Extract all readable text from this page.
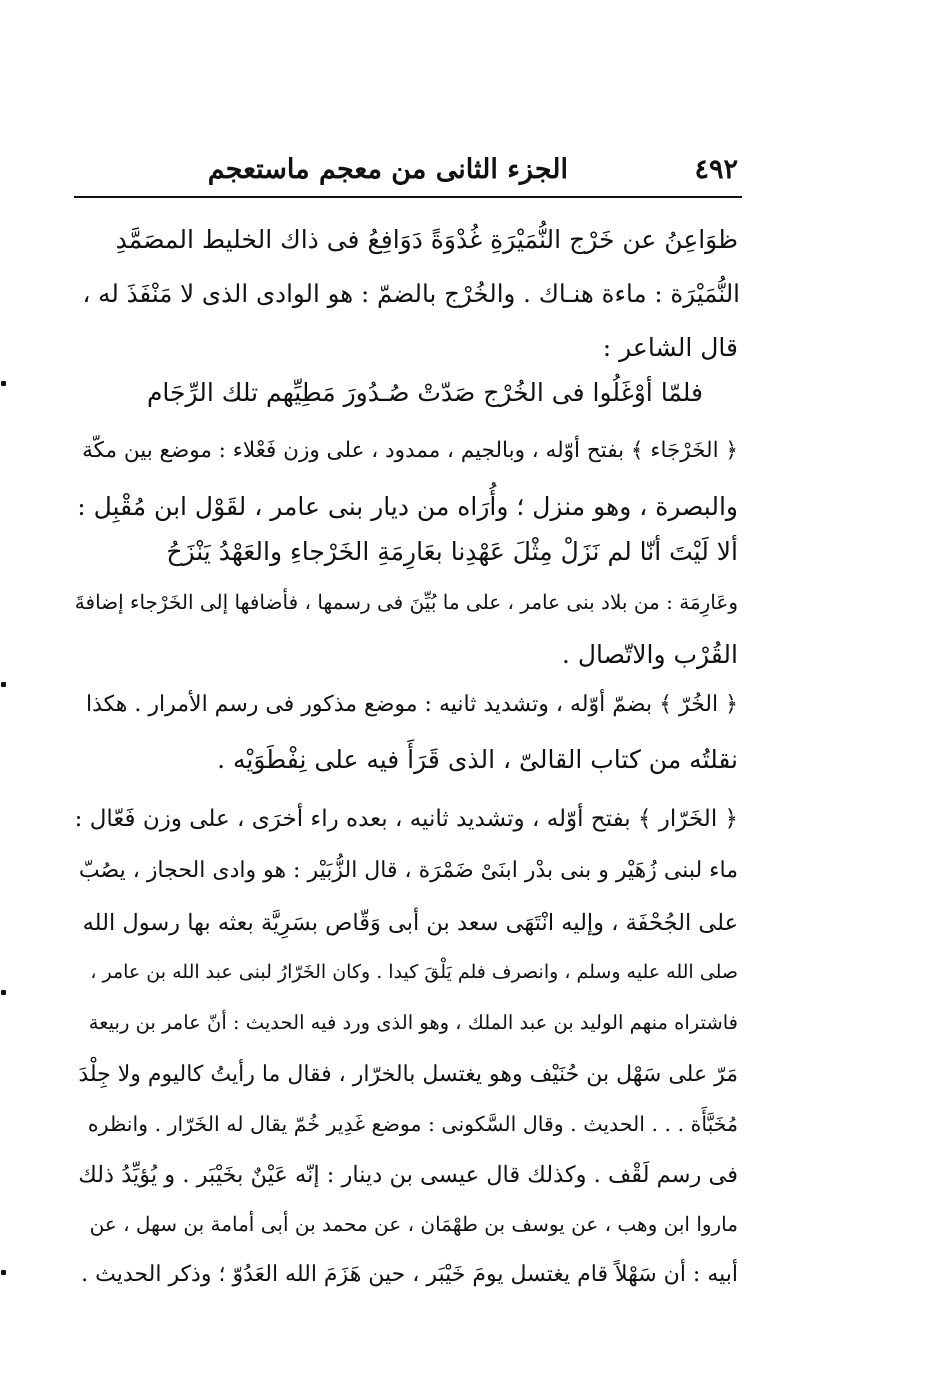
٤٩٢
الجزء الثانى من معجم ماستعجم
ظوَاعِنُ عن خَرْج النُّمَيْرَةِ غُدْوَةً دَوَافِعُ فى ذاك الخليط المصَمَّدِ
النُّمَيْرَة : ماءة هنـاك . والخُرْج بالضمّ : هو الوادى الذى لا مَنْفَذَ له ،
قال الشاعر :
فلمّا أوْغَلُوا فى الخُرْج صَدّتْ صُـدُورَ مَطِيِّهم تلك الرِّجَام
﴿ الخَرْجَاء ﴾ بفتح أوّله ، وبالجيم ، ممدود ، على وزن فَعْلاء : موضع بين مكّة
والبصرة ، وهو منزل ؛ وأُرَاه من ديار بنى عامر ، لقَوْل ابن مُقْبِل :
ألا لَيْتَ أنّا لم نَزَلْ مِثْلَ عَهْدِنا بعَارِمَةِ الخَرْجاءِ والعَهْدُ يَنْزَحُ
وعَارِمَة : من بلاد بنى عامر ، على ما بُيِّنَ فى رسمها ، فأضافها إلى الخَرْجاء إضافةَ
القُرْب والاتّصال .
﴿ الخُرّ ﴾ بضمّ أوّله ، وتشديد ثانيه : موضع مذكور فى رسم الأمرار . هكذا
نقلتُه من كتاب القالىّ ، الذى قَرَأَ فيه على نِفْطَوَيْه .
﴿ الخَرّار ﴾ بفتح أوّله ، وتشديد ثانيه ، بعده راء أخرَى ، على وزن فَعّال :
ماء لبنى زُهَيْر و بنى بدْر ابنَىْ ضَمْرَة ، قال الزُّبَيْر : هو وادى الحجاز ، يصُبّ
على الجُحْفَة ، وإليه انْتَهَى سعد بن أبى وَقّاص بسَرِيَّة بعثه بها رسول الله
صلى الله عليه وسلم ، وانصرف فلم يَلْقَ كيدا . وكان الخَرّارُ لبنى عبد الله بن عامر ،
فاشتراه منهم الوليد بن عبد الملك ، وهو الذى ورد فيه الحديث : أنّ عامر بن ربيعة
مَرّ على سَهْل بن حُنَيْف وهو يغتسل بالخرّار ، فقال ما رأيتُ كاليوم ولا جِلْدَ
مُخَبَّأَة . . . الحديث . وقال السَّكونى : موضع غَدِير خُمّ يقال له الخَرّار . وانظره
فى رسم لَقْف . وكذلك قال عيسى بن دينار : إنّه عَيْنٌ بخَيْبَر . و يُؤيِّدُ ذلك
ماروا ابن وهب ، عن يوسف بن طهْمَان ، عن محمد بن أبى أمامة بن سهل ، عن
أبيه : أن سَهْلاً قام يغتسل يومَ خَيْبَر ، حين هَزَمَ الله العَدُوّ ؛ وذكر الحديث .
